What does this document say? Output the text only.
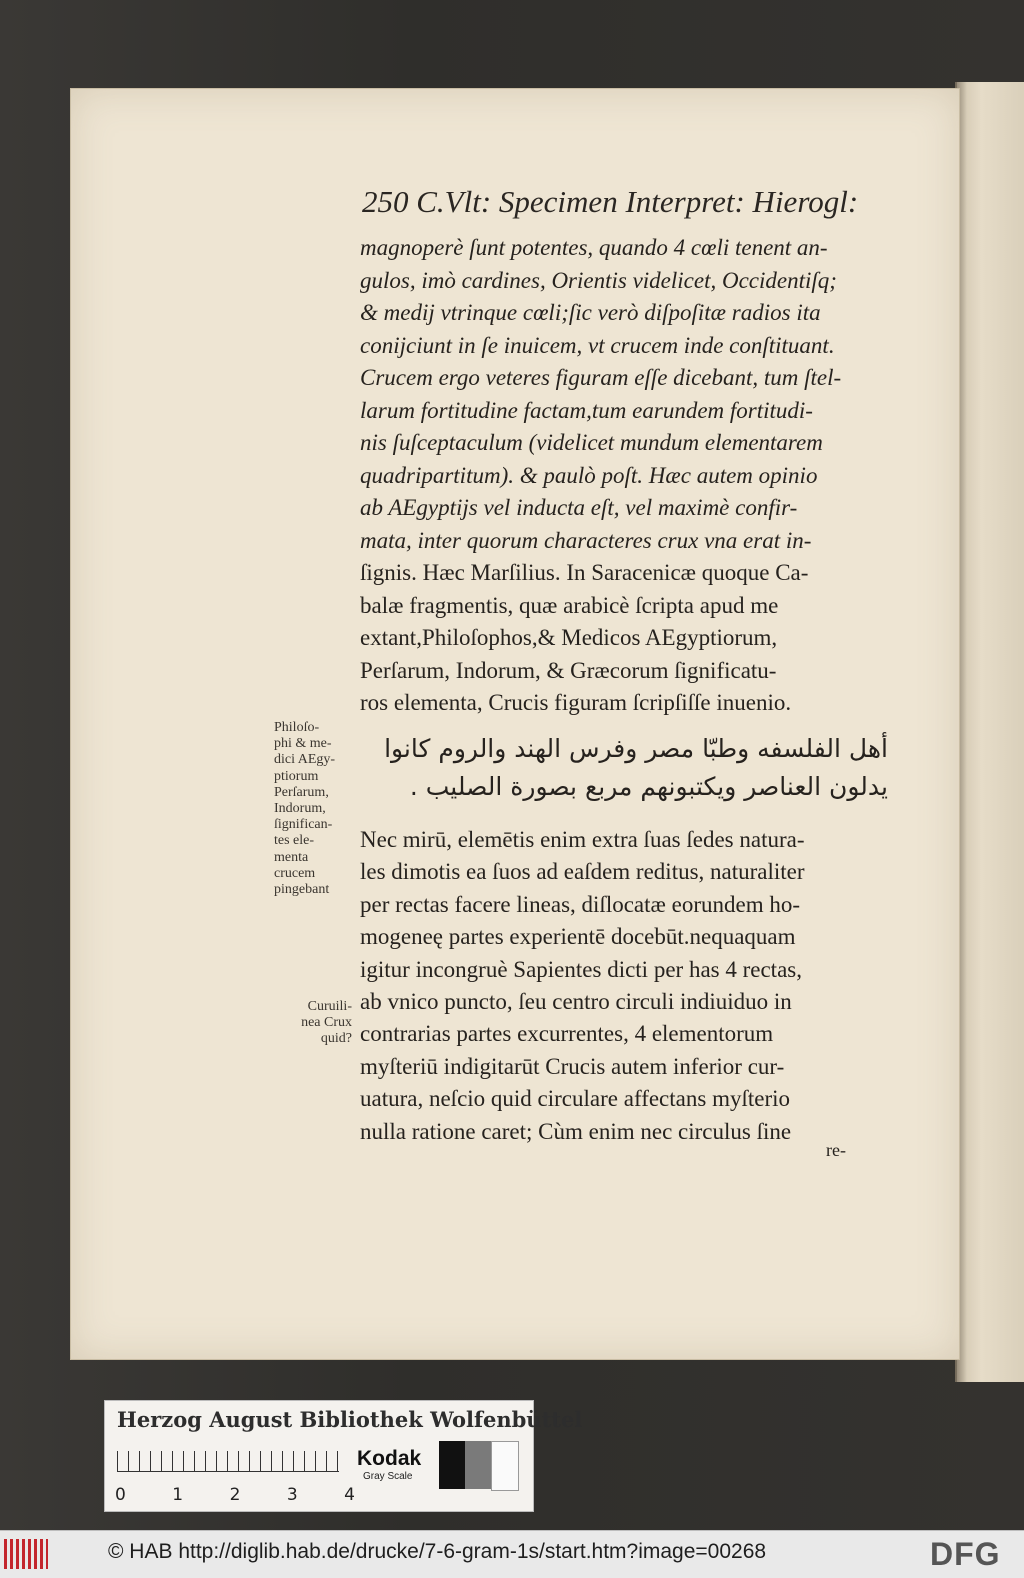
250 C.Vlt: Specimen Interpret: Hierogl:
magnoperè ſunt potentes, quando 4 cœli tenent an-
gulos, imò cardines, Orientis videlicet, Occidentiſq;
& medij vtrinque cœli;ſic verò diſpoſitæ radios ita
conijciunt in ſe inuicem, vt crucem inde conſtituant.
Crucem ergo veteres figuram eſſe dicebant, tum ſtel-
larum fortitudine factam,tum earundem fortitudi-
nis ſuſceptaculum (videlicet mundum elementarem
quadripartitum). & paulò poſt. Hæc autem opinio
ab AEgyptijs vel inducta eſt, vel maximè confir-
mata, inter quorum characteres crux vna erat in-
ſignis. Hæc Marſilius. In Saracenicæ quoque Ca-
balæ fragmentis, quæ arabicè ſcripta apud me
extant,Philoſophos,& Medicos AEgyptiorum,
Perſarum, Indorum, & Græcorum ſignificatu-
ros elementa, Crucis figuram ſcripſiſſe inuenio.
Philoſo-
phi & me-
dici AEgy-
ptiorum
Perſarum,
Indorum,
ſignifican-
tes ele-
menta
crucem
pingebant
أهل الفلسفه وطبّا مصر وفرس الهند والروم كانوا
يدلون العناصر ويكتبونهم مربع بصورة الصليب .
Nec mirū, elemētis enim extra ſuas ſedes natura-
les dimotis ea ſuos ad eaſdem reditus, naturaliter
per rectas facere lineas, diſlocatæ eorundem ho-
mogeneę partes experientē docebūt.nequaquam
igitur incongruè Sapientes dicti per has 4 rectas,
ab vnico puncto, ſeu centro circuli indiuiduo in
contrarias partes excurrentes, 4 elementorum
myſteriū indigitarūt Crucis autem inferior cur-
uatura, neſcio quid circulare affectans myſterio
nulla ratione caret; Cùm enim nec circulus ſine
Curuili-
nea Crux
quid?
re-
Herzog August Bibliothek Wolfenbüttel
0	1	2	3	4
Kodak
Gray Scale
© HAB http://diglib.hab.de/drucke/7-6-gram-1s/start.htm?image=00268	DFG
